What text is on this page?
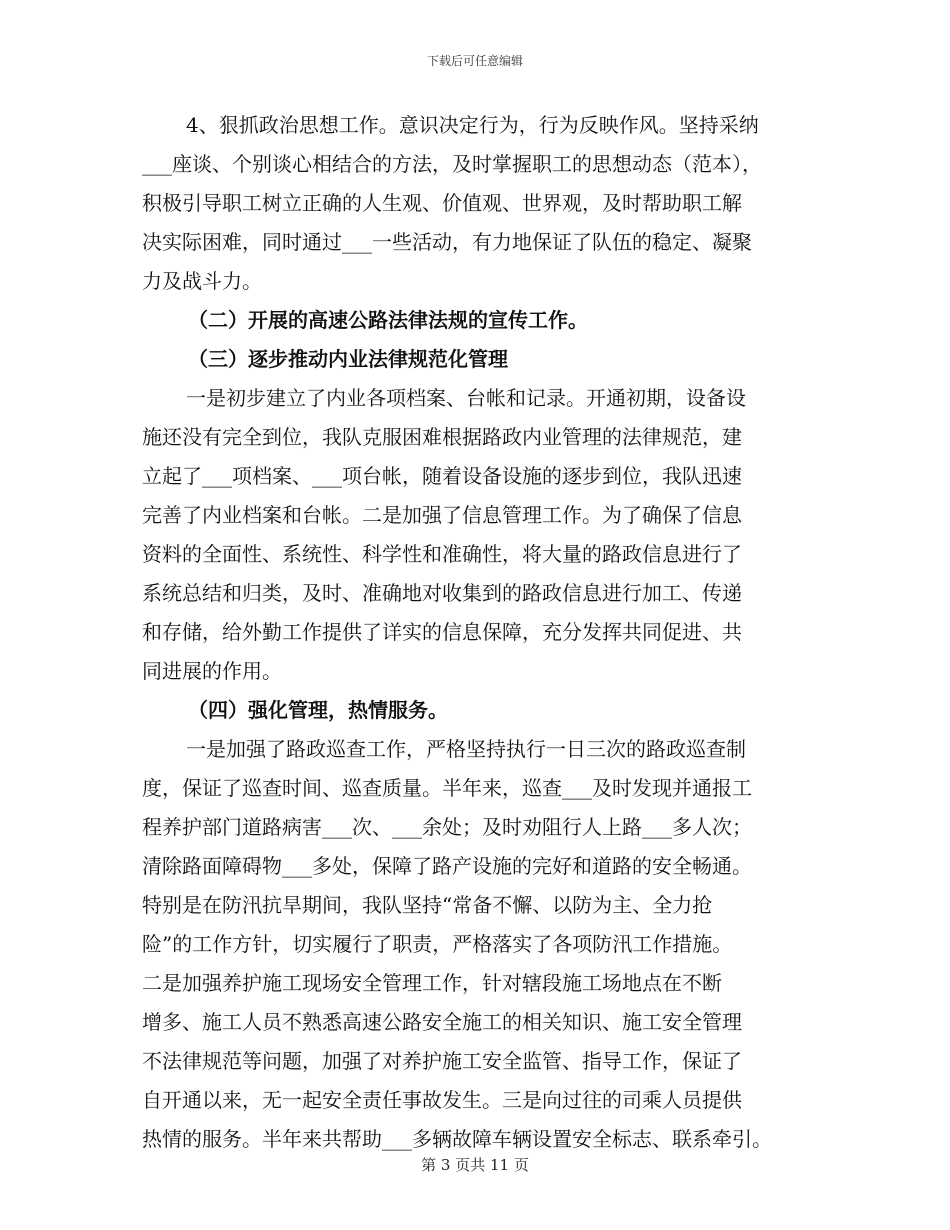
下载后可任意编辑
4、狠抓政治思想工作。意识决定行为，行为反映作风。坚持采纳
___座谈、个别谈心相结合的方法，及时掌握职工的思想动态（范本），
积极引导职工树立正确的人生观、价值观、世界观，及时帮助职工解
决实际困难，同时通过___一些活动，有力地保证了队伍的稳定、凝聚
力及战斗力。
（二）开展的高速公路法律法规的宣传工作。
（三）逐步推动内业法律规范化管理
一是初步建立了内业各项档案、台帐和记录。开通初期，设备设
施还没有完全到位，我队克服困难根据路政内业管理的法律规范，建
立起了___项档案、___项台帐，随着设备设施的逐步到位，我队迅速
完善了内业档案和台帐。二是加强了信息管理工作。为了确保了信息
资料的全面性、系统性、科学性和准确性，将大量的路政信息进行了
系统总结和归类，及时、准确地对收集到的路政信息进行加工、传递
和存储，给外勤工作提供了详实的信息保障，充分发挥共同促进、共
同进展的作用。
（四）强化管理，热情服务。
一是加强了路政巡查工作，严格坚持执行一日三次的路政巡查制
度，保证了巡查时间、巡查质量。半年来，巡查___及时发现并通报工
程养护部门道路病害___次、___余处；及时劝阻行人上路___多人次；
清除路面障碍物___多处，保障了路产设施的完好和道路的安全畅通。
特别是在防汛抗旱期间，我队坚持“常备不懈、以防为主、全力抢
险”的工作方针，切实履行了职责，严格落实了各项防汛工作措施。
二是加强养护施工现场安全管理工作，针对辖段施工场地点在不断
增多、施工人员不熟悉高速公路安全施工的相关知识、施工安全管理
不法律规范等问题，加强了对养护施工安全监管、指导工作，保证了
自开通以来，无一起安全责任事故发生。三是向过往的司乘人员提供
热情的服务。半年来共帮助___多辆故障车辆设置安全标志、联系牵引。
第 3 页共 11 页
